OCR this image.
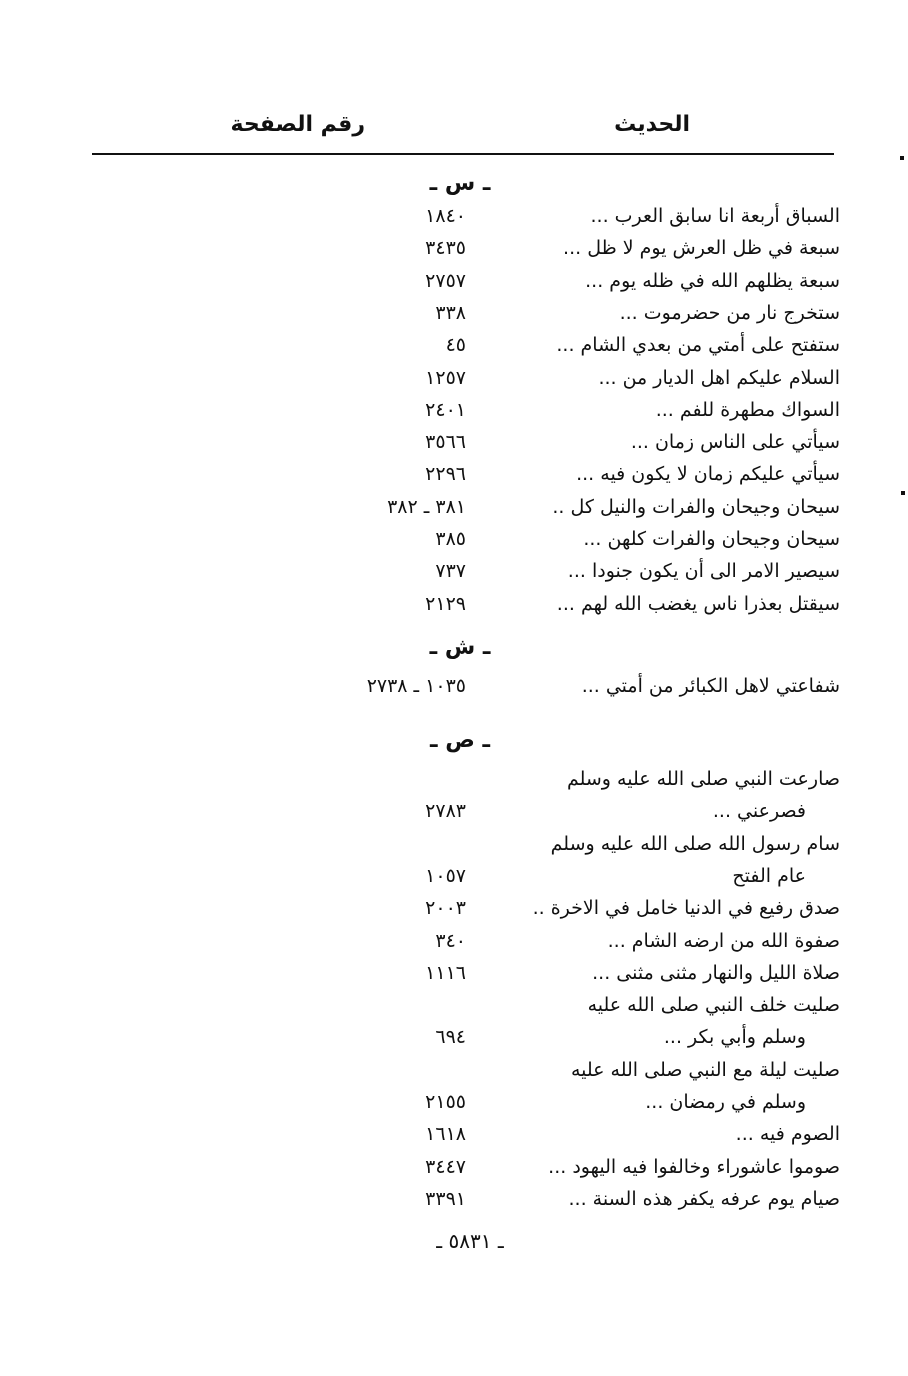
الحديث
رقم الصفحة
ـ س ـ
السباق أربعة انا سابق العرب ...
١٨٤٠
سبعة في ظل العرش يوم لا ظل ...
٣٤٣٥
سبعة يظلهم الله في ظله يوم ...
٢٧٥٧
ستخرج نار من حضرموت ...
٣٣٨
ستفتح على أمتي من بعدي الشام ...
٤٥
السلام عليكم اهل الديار من ...
١٢٥٧
السواك مطهرة للفم ...
٢٤٠١
سيأتي على الناس زمان ...
٣٥٦٦
سيأتي عليكم زمان لا يكون فيه ...
٢٢٩٦
سيحان وجيحان والفرات والنيل كل ..
٣٨١ ـ ٣٨٢
سيحان وجيحان والفرات كلهن ...
٣٨٥
سيصير الامر الى أن يكون جنودا ...
٧٣٧
سيقتل بعذرا ناس يغضب الله لهم ...
٢١٢٩
ـ ش ـ
شفاعتي لاهل الكبائر من أمتي ...
١٠٣٥ ـ ٢٧٣٨
ـ ص ـ
صارعت النبي صلى الله عليه وسلم
فصرعني ...
٢٧٨٣
سام رسول الله صلى الله عليه وسلم
عام الفتح
١٠٥٧
صدق رفيع في الدنيا خامل في الاخرة ..
٢٠٠٣
صفوة الله من ارضه الشام ...
٣٤٠
صلاة الليل والنهار مثنى مثنى ...
١١١٦
صليت خلف النبي صلى الله عليه
وسلم وأبي بكر ...
٦٩٤
صليت ليلة مع النبي صلى الله عليه
وسلم في رمضان ...
٢١٥٥
الصوم فيه ...
١٦١٨
صوموا عاشوراء وخالفوا فيه اليهود ...
٣٤٤٧
صيام يوم عرفه يكفر هذه السنة ...
٣٣٩١
ـ ٥٨٣١ ـ
